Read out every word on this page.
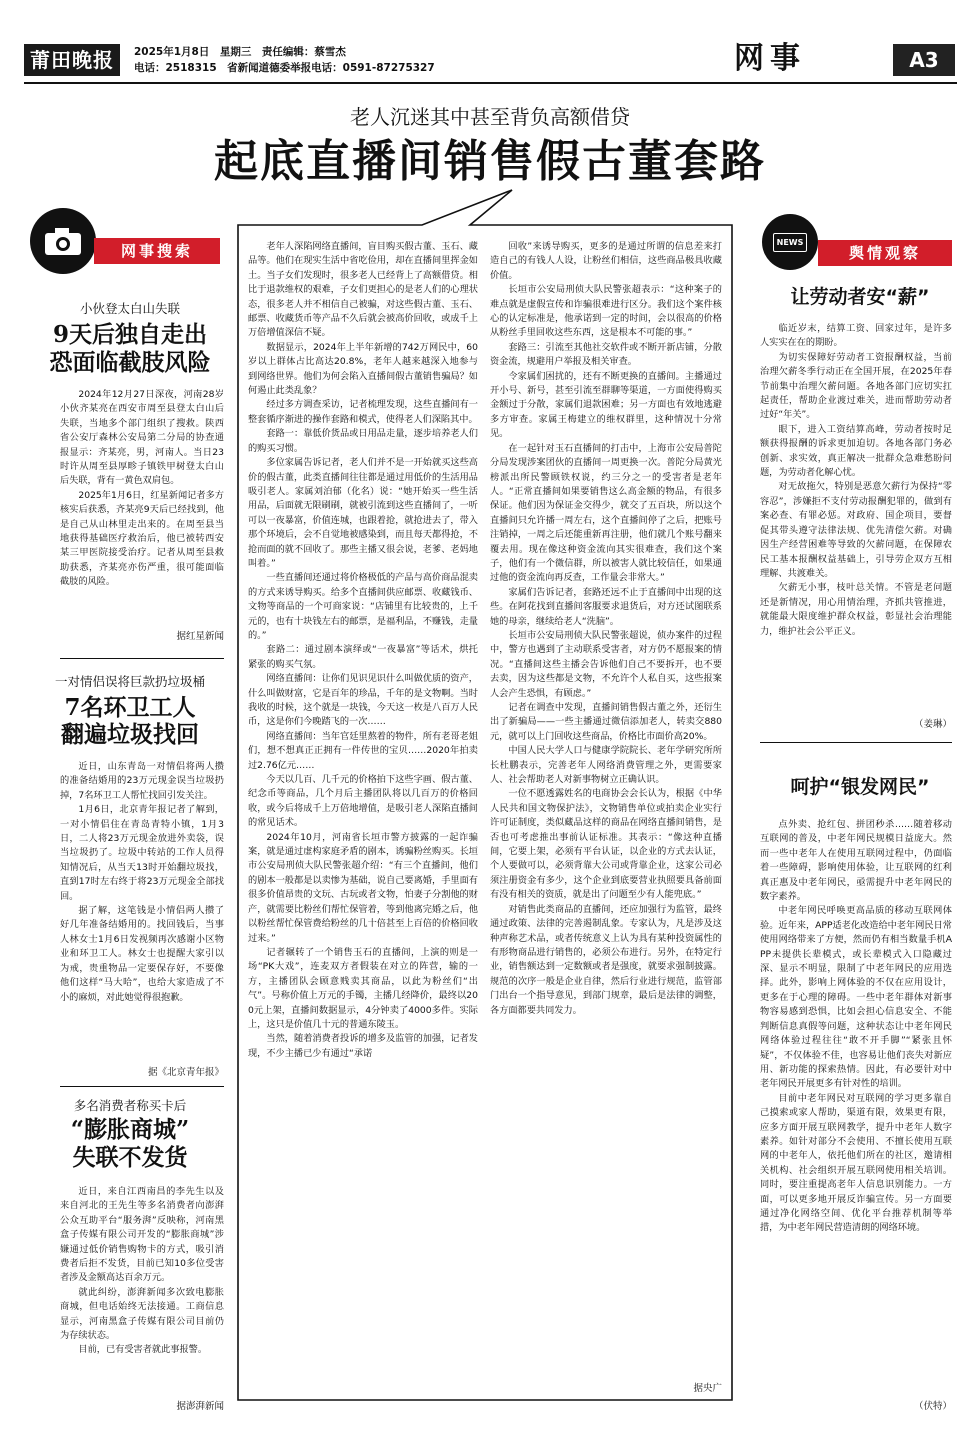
莆田晚报	2025年1月8日　星期三　责任编辑：蔡雪杰
电话：2518315　省新闻道德委举报电话：0591-87275327	网事	A3
老人沉迷其中甚至背负高额借贷
起底直播间销售假古董套路

老年人深陷网络直播间，盲目购买假古董、玉石、藏品等。他们在现实生活中省吃俭用，却在直播间里挥金如土。当子女们发现时，很多老人已经背上了高额借贷。相比于退款维权的艰难，子女们更担心的是老人们的心理状态，很多老人并不相信自己被骗，对这些假古董、玉石、邮票、收藏货币等产品不久后就会被高价回收，或成千上万倍增值深信不疑。

数据显示，2024年上半年新增的742万网民中，60岁以上群体占比高达20.8%，老年人越来越深入地参与到网络世界。他们为何会陷入直播间假古董销售骗局？如何遏止此类乱象？

经过多方调查采访，记者梳理发现，这些直播间有一整套循序渐进的操作套路和模式，使得老人们深陷其中。

套路一：靠低价货品或日用品走量，逐步培养老人们的购买习惯。

多位家属告诉记者，老人们并不是一开始就买这些高价的假古董，此类直播间往往都是通过用低价的生活用品吸引老人。家属刘泊郁（化名）说：“她开始买一些生活用品，后面就无限刷刷，就被引流到这些直播间了，一听可以一夜暴富，价值连城，也跟着抢，就抢进去了，带入那个环境后，会不自觉地被感染到，而且每天都得抢，不抢而面的就不回收了。那些主播又很会说，老爹、老妈地叫着。”

一些直播间还通过将价格极低的产品与高价商品混卖的方式来诱导购买。给多个直播间供应邮票、收藏钱币、文物等商品的一个可商家说：“店铺里有比较贵的，上千元的，也有十块钱左右的邮票，是福利品，不赚钱，走量的。”

套路二：通过剧本演绎或“一夜暴富”等话术，烘托紧张的购买气氛。

网络直播间：让你们见识见识什么叫做优质的资产，什么叫做财富，它是百年的珍品，千年的是文物啊。当时我收的时候，这个就是一块钱，今天这一枚是八百万人民币，这是你们今晚踏飞的一次……

网络直播间：当年官廷里熬着的物件，所有老哥老姐们，想不想真正正拥有一件传世的宝贝……2020年拍卖过2.76亿元……

今天以几百、几千元的价格拍下这些字画、假古董、纪念币等商品，几个月后主播团队将以几百万的价格回收，或今后将成千上万倍地增值，是吸引老人深陷直播间的常见话术。

2024年10月，河南省长垣市警方披露的一起诈骗案，就是通过虚构家庭矛盾的剧本，诱骗粉丝购买。长垣市公安局刑侦大队民警张超介绍：“有三个直播间，他们的剧本一般都是以卖惨为基础，说自己要离婚，手里面有很多价值昂贵的文玩、古玩或者文物，怕妻子分割他的财产，就需要比粉丝们帮忙保管着，等到他离完婚之后，他以粉丝帮忙保管费给粉丝的几十倍甚至上百倍的价格回收过来。”

记者辗转了一个销售玉石的直播间，上演的则是一场“PK大戏”，连麦双方者假装在对立的阵营，输的一方，主播团队会顾意贱卖其商品，以此为粉丝们“出气”。号称价值上万元的手镯，主播几经降价，最终以200元上架，直播间数据显示，4分钟卖了4000多件。实际上，这只是价值几十元的普通东陵玉。

当然，随着消费者投诉的增多及监管的加强，记者发现，不少主播已少有通过“承诺

回收”来诱导购买，更多的是通过所谓的信息差来打造自己的有钱人人设，让粉丝们相信，这些商品极具收藏价值。

长垣市公安局刑侦大队民警张超表示：“这种案子的难点就是虚假宣传和诈骗很难进行区分。我们这个案件核心的认定标准是，他承诺到一定的时间，会以很高的价格从粉丝手里回收这些东西，这是根本不可能的事。”

套路三：引流至其他社交软件或不断开新店铺，分散资金流，规避用户举报及相关审查。

令家属们困扰的，还有不断更换的直播间。主播通过开小号、新号，甚至引流至群聊等渠道，一方面使得购买金额过于分散，家属们退款困难；另一方面也有效地逃避多方审查。家属王梅建立的维权群里，这种情况十分常见。

在一起针对玉石直播间的打击中，上海市公安局普陀分局发现涉案团伙的直播间一周更换一次。普陀分局黄光榜派出所民警顾铁权说，约三分之一的受害者是老年人。“正常直播间如果要销售这么高金额的物品，有很多保证。他们因为保证金交得少，就交了五百块，所以这个直播间只允许播一周左右，这个直播间停了之后，把账号注销掉，一周之后还能重新再注册，他们就几个账号翻来覆去用。现在像这种资金流向其实很难查，我们这个案子，他们有一个微信群，所以被害人就比较信任，如果通过他的资金流向再反查，工作量会非常大。”

家属们告诉记者，套路还远不止于直播间中出现的这些。在阿花找到直播间客服要求退货后，对方还试图联系她的母亲，继续给老人“洗脑”。

长垣市公安局刑侦大队民警张超说，侦办案件的过程中，警方也遇到了主动联系受害者，对方仍不愿报案的情况。“直播间这些主播会告诉他们自己不要拆开，也不要去卖，因为这些都是文物，不允许个人私自买，这些报案人会产生恐惧，有顾虑。”

记者在调查中发现，直播间销售假古董之外，还衍生出了新骗局——一些主播通过微信添加老人，转卖交880元，就可以上门回收这些商品，价格比市面价高20%。

中国人民大学人口与健康学院院长、老年学研究所所长杜鹏表示，完善老年人网络消费管理之外，更需要家人、社会帮助老人对新事物树立正确认识。

一位不愿透露姓名的电商协会会长认为，根据《中华人民共和国文物保护法》，文物销售单位或拍卖企业实行许可证制度，类似藏品这样的商品在网络直播间销售，是否也可考虑推出事前认证标准。其表示：“像这种直播间，它要上架，必须有平台认证，以企业的方式去认证，个人要做可以，必须背靠大公司或背靠企业，这家公司必须注册资金有多少，这个企业到底要营业执照要具备前面有没有相关的资质，就是出了问题至少有人能兜底。”

对销售此类商品的直播间，还应加强行为监管，最终通过政策、法律的完善遏制乱象。专家认为，凡是涉及这种声称艺术品，或者传统意义上认为具有某种投资属性的有形物商品进行销售的，必须公布进行。另外，在特定行业，销售额达到一定数额或者是强度，就要求强制披露。规范的次序一般是企业自律，然后行业进行规范，监管部门出台一个指导意见，到部门规章，最后是法律的调整，各方面都要共同发力。

据央广
网事搜索
小伙登太白山失联
9天后独自走出
恐面临截肢风险

2024年12月27日深夜，河南28岁小伙齐某亮在西安市周至县登太白山后失联，当地多个部门组织了搜救。陕西省公安厅森林公安局第二分局的协查通报显示：齐某亮，男，河南人。当日23时许从周至县厚畛子镇铁甲树登太白山后失联，背有一黄色双肩包。

2025年1月6日，红星新闻记者多方核实后获悉，齐某亮9天后已经找到，他是自己从山林里走出来的。在周至县当地获得基础医疗救治后，他已被转西安某三甲医院接受治疗。记者从周至县救助获悉，齐某亮亦伤严重，很可能面临截肢的风险。

据红星新闻
一对情侣误将巨款扔垃圾桶
7名环卫工人
翻遍垃圾找回

近日，山东青岛一对情侣将两人攒的准备结婚用的23万元现金误当垃圾扔掉，7名环卫工人帮忙找回引发关注。

1月6日，北京青年报记者了解到，一对小情侣住在青岛青特小镇，1月3日，二人将23万元现金放进外卖袋，误当垃圾扔了。垃圾中转站的工作人员得知情况后，从当天13时开始翻垃圾找，直到17时左右终于将23万元现金全部找回。

据了解，这笔钱是小情侣两人攒了好几年准备结婚用的。找回钱后，当事人林女士1月6日发视频再次感谢小区物业和环卫工人。林女士也提醒大家引以为戒，贵重物品一定要保存好，不要像他们这样“马大哈”，也给大家造成了不小的麻烦，对此她觉得很抱歉。

据《北京青年报》
多名消费者称买卡后
“膨胀商城”
失联不发货

近日，来自江西南昌的李先生以及来自河北的王先生等多名消费者向澎湃公众互助平台“服务湃”反映称，河南黑盒子传媒有限公司开发的“膨胀商城”涉嫌通过低价销售购物卡的方式，吸引消费者后拒不发货，目前已知10多位受害者涉及金额高达百余万元。

就此纠纷，澎湃新闻多次致电膨胀商城，但电话始终无法接通。工商信息显示，河南黑盒子传媒有限公司目前仍为存续状态。

目前，已有受害者就此事报警。

据澎湃新闻
NEWS
舆情观察
让劳动者安“薪”

临近岁末，结算工资、回家过年，是许多人实实在在的期盼。

为切实保障好劳动者工资报酬权益，当前治理欠薪冬季行动正在全国开展，在2025年春节前集中治理欠薪问题。各地各部门应切实扛起责任，帮助企业渡过难关，进而帮助劳动者过好“年关”。

眼下，进入工资结算高峰，劳动者按时足额获得报酬的诉求更加迫切。各地各部门务必创新、求实效，真正解决一批群众急难愁盼问题，为劳动者化解心忧。

对无故拖欠，特别是恶意欠薪行为保持“零容忍”，涉嫌拒不支付劳动报酬犯罪的，做到有案必查、有罪必惩。对政府、国企项目，要督促其带头遵守法律法规、优先清偿欠薪。对确因生产经营困难等导致的欠薪问题，在保障农民工基本报酬权益基础上，引导劳企双方互相理解、共渡难关。

欠薪无小事，枝叶总关情。不管是老问题还是新情况，用心用情治理，齐抓共管推进，就能最大限度维护群众权益，彰显社会治理能力，维护社会公平正义。

（姜琳）
呵护“银发网民”

点外卖、抢红包、拼团秒杀……随着移动互联网的普及，中老年网民规模日益庞大。然而一些中老年人在使用互联网过程中，仍面临着一些障碍，影响使用体验，让互联网的红利真正惠及中老年网民，亟需提升中老年网民的数字素养。

中老年网民呼唤更高品质的移动互联网体验。近年来，APP适老化改造给中老年网民日常使用网络带来了方便，然而仍有相当数量手机APP未提供长辈模式，或长辈模式入口隐藏过深、显示不明显，限制了中老年网民的应用选择。此外，影响上网体验的不仅在应用设计，更多在于心理的障碍。一些中老年群体对新事物容易感到恐惧，比如会担心信息安全、不能判断信息真假等问题，这种状态让中老年网民网络体验过程往往“敢不开手脚”“紧张且怀疑”，不仅体验不佳，也容易让他们丧失对新应用、新功能的探索热情。因此，有必要针对中老年网民开展更多有针对性的培训。

目前中老年网民对互联网的学习更多靠自己摸索或家人帮助，渠道有限，效果更有限，应多方面开展互联网教学，提升中老年人数字素养。如针对部分不会使用、不擅长使用互联网的中老年人，依托他们所在的社区，邀请相关机构、社会组织开展互联网使用相关培训。同时，要注重提高老年人信息识别能力。一方面，可以更多地开展反诈骗宣传。另一方面要通过净化网络空间、优化平台推荐机制等举措，为中老年网民营造清朗的网络环境。

（伏特）
